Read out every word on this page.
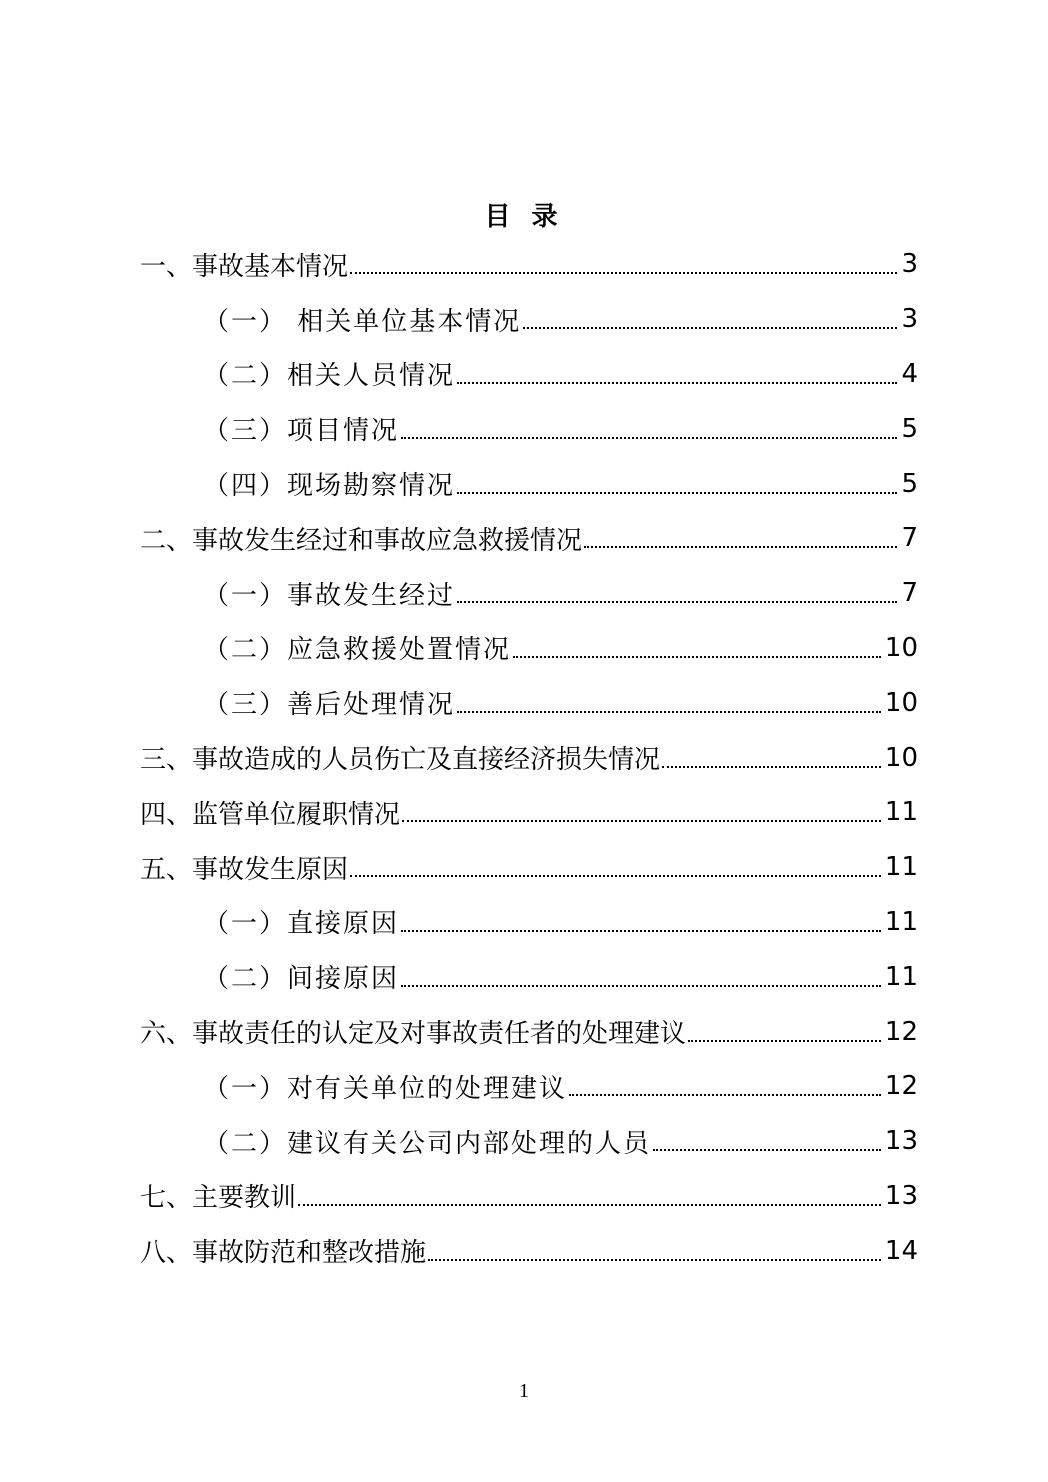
目 录
一、事故基本情况	3
（一） 相关单位基本情况	3
（二）相关人员情况	4
（三）项目情况	5
（四）现场勘察情况	5
二、事故发生经过和事故应急救援情况	7
（一）事故发生经过	7
（二）应急救援处置情况	10
（三）善后处理情况	10
三、事故造成的人员伤亡及直接经济损失情况	10
四、监管单位履职情况	11
五、事故发生原因	11
（一）直接原因	11
（二）间接原因	11
六、事故责任的认定及对事故责任者的处理建议	12
（一）对有关单位的处理建议	12
（二）建议有关公司内部处理的人员	13
七、主要教训	13
八、事故防范和整改措施	14
1
